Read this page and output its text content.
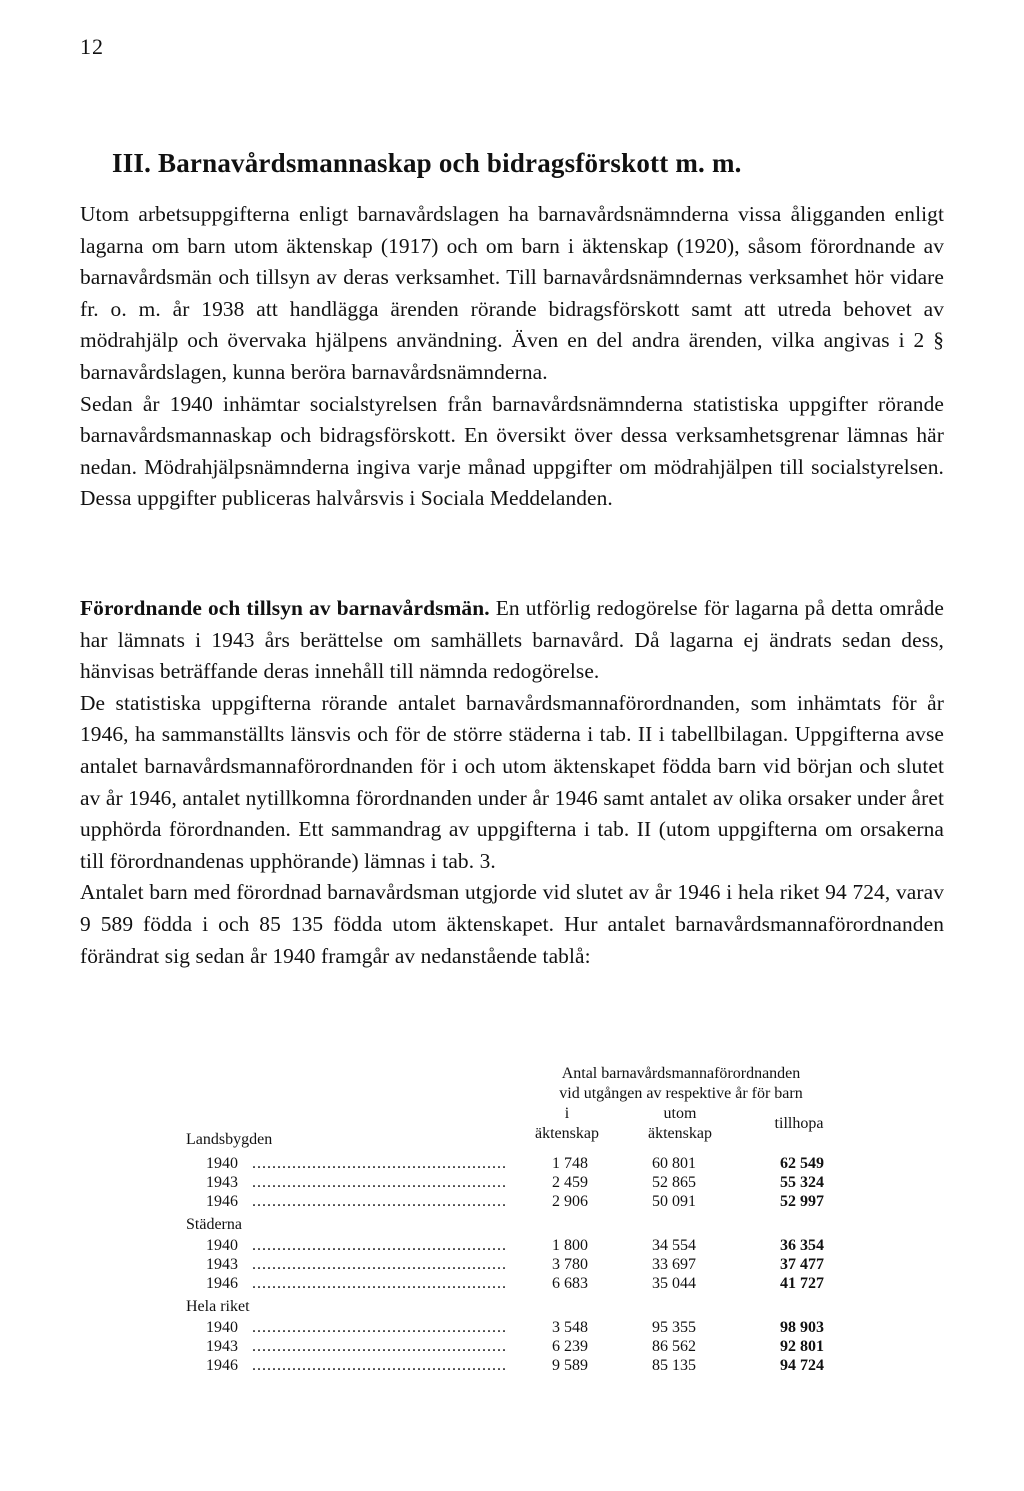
12
III. Barnavårdsmannaskap och bidragsförskott m. m.

Utom arbetsuppgifterna enligt barnavårdslagen ha barnavårdsnämnderna vissa åligganden enligt lagarna om barn utom äktenskap (1917) och om barn i äktenskap (1920), såsom förordnande av barnavårdsmän och tillsyn av deras verksamhet. Till barnavårdsnämndernas verksamhet hör vidare fr. o. m. år 1938 att handlägga ärenden rörande bidragsförskott samt att utreda behovet av mödrahjälp och övervaka hjälpens användning. Även en del andra ärenden, vilka angivas i 2 § barnavårdslagen, kunna beröra barnavårdsnämnderna.

Sedan år 1940 inhämtar socialstyrelsen från barnavårdsnämnderna statistiska uppgifter rörande barnavårdsmannaskap och bidragsförskott. En översikt över dessa verksamhetsgrenar lämnas här nedan. Mödrahjälpsnämnderna ingiva varje månad uppgifter om mödrahjälpen till socialstyrelsen. Dessa uppgifter publiceras halvårsvis i Sociala Meddelanden.

Förordnande och tillsyn av barnavårdsmän. En utförlig redogörelse för lagarna på detta område har lämnats i 1943 års berättelse om samhällets barnavård. Då lagarna ej ändrats sedan dess, hänvisas beträffande deras innehåll till nämnda redogörelse.

De statistiska uppgifterna rörande antalet barnavårdsmannaförordnanden, som inhämtats för år 1946, ha sammanställts länsvis och för de större städerna i tab. II i tabellbilagan. Uppgifterna avse antalet barnavårdsmannaförordnanden för i och utom äktenskapet födda barn vid början och slutet av år 1946, antalet nytillkomna förordnanden under år 1946 samt antalet av olika orsaker under året upphörda förordnanden. Ett sammandrag av uppgifterna i tab. II (utom uppgifterna om orsakerna till förordnandenas upphörande) lämnas i tab. 3.

Antalet barn med förordnad barnavårdsman utgjorde vid slutet av år 1946 i hela riket 94 724, varav 9 589 födda i och 85 135 födda utom äktenskapet. Hur antalet barnavårdsmannaförordnanden förändrat sig sedan år 1940 framgår av nedanstående tablå:

Antal barnavårdsmannaförordnanden
vid utgången av respektive år för barn
i
äktenskap
utom
äktenskap
tillhopa
Landsbygden
1940 ...................................................	1 748	60 801	62 549
1943 ...................................................	2 459	52 865	55 324
1946 ...................................................	2 906	50 091	52 997
Städerna
1940 ...................................................	1 800	34 554	36 354
1943 ...................................................	3 780	33 697	37 477
1946 ...................................................	6 683	35 044	41 727
Hela riket
1940 ...................................................	3 548	95 355	98 903
1943 ...................................................	6 239	86 562	92 801
1946 ...................................................	9 589	85 135	94 724
